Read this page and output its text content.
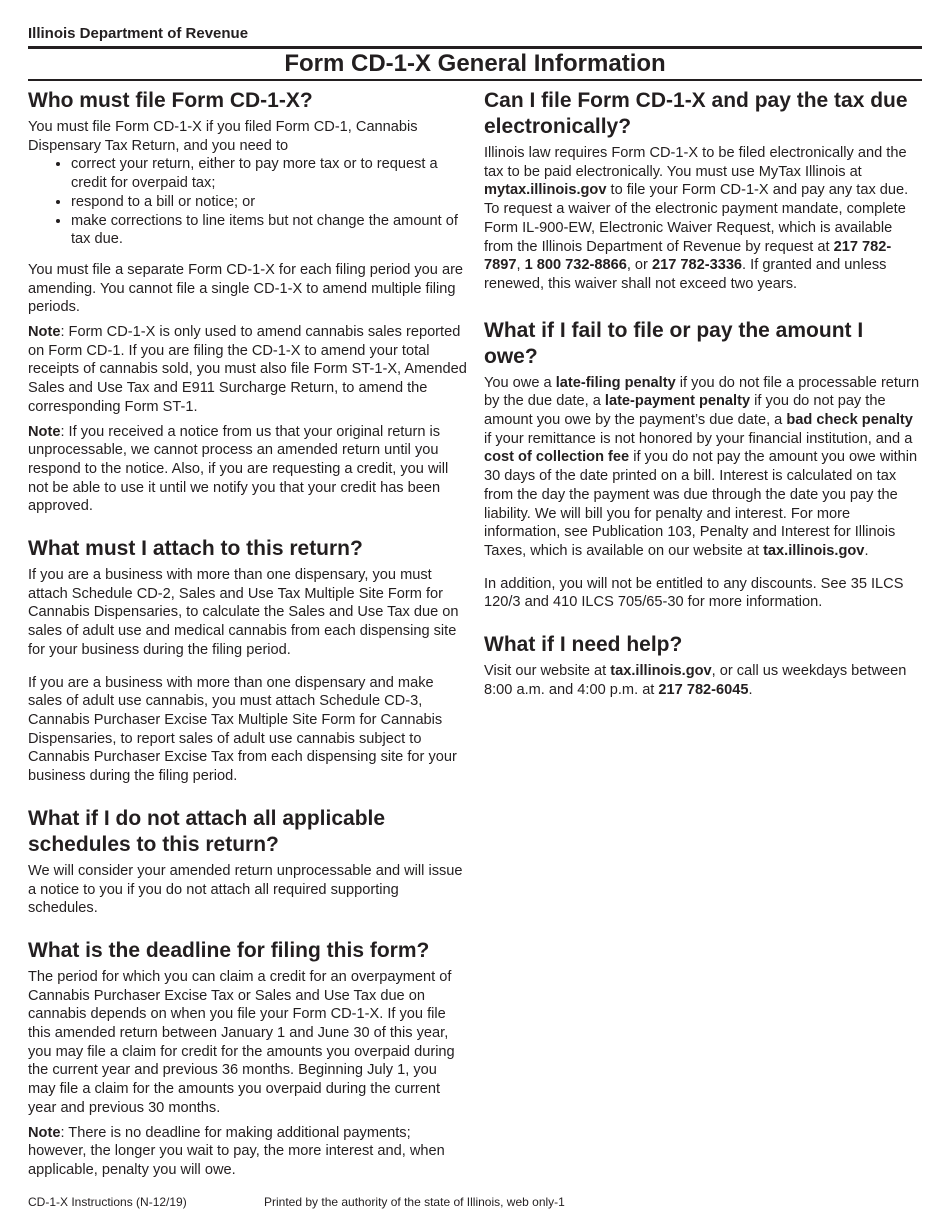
Illinois Department of Revenue
Form CD-1-X General Information
Who must file Form CD-1-X?

You must file Form CD-1-X if you filed Form CD-1, Cannabis Dispensary Tax Return, and you need to

• correct your return, either to pay more tax or to request a credit for overpaid tax;
• respond to a bill or notice; or
• make corrections to line items but not change the amount of tax due.

You must file a separate Form CD-1-X for each filing period you are amending. You cannot file a single CD-1-X to amend multiple filing periods.

Note: Form CD-1-X is only used to amend cannabis sales reported on Form CD-1. If you are filing the CD-1-X to amend your total receipts of cannabis sold, you must also file Form ST-1-X, Amended Sales and Use Tax and E911 Surcharge Return, to amend the corresponding Form ST-1.

Note: If you received a notice from us that your original return is unprocessable, we cannot process an amended return until you respond to the notice. Also, if you are requesting a credit, you will not be able to use it until we notify you that your credit has been approved.

What must I attach to this return?

If you are a business with more than one dispensary, you must attach Schedule CD-2, Sales and Use Tax Multiple Site Form for Cannabis Dispensaries, to calculate the Sales and Use Tax due on sales of adult use and medical cannabis from each dispensing site for your business during the filing period.

If you are a business with more than one dispensary and make sales of adult use cannabis, you must attach Schedule CD-3, Cannabis Purchaser Excise Tax Multiple Site Form for Cannabis Dispensaries, to report sales of adult use cannabis subject to Cannabis Purchaser Excise Tax from each dispensing site for your business during the filing period.

What if I do not attach all applicable schedules to this return?

We will consider your amended return unprocessable and will issue a notice to you if you do not attach all required supporting schedules.

What is the deadline for filing this form?

The period for which you can claim a credit for an overpayment of Cannabis Purchaser Excise Tax or Sales and Use Tax due on cannabis depends on when you file your Form CD-1-X. If you file this amended return between January 1 and June 30 of this year, you may file a claim for credit for the amounts you overpaid during the current year and previous 36 months. Beginning July 1, you may file a claim for the amounts you overpaid during the current year and previous 30 months.

Note: There is no deadline for making additional payments; however, the longer you wait to pay, the more interest and, when applicable, penalty you will owe.

Can I file Form CD-1-X and pay the tax due electronically?

Illinois law requires Form CD-1-X to be filed electronically and the tax to be paid electronically. You must use MyTax Illinois at mytax.illinois.gov to file your Form CD-1-X and pay any tax due. To request a waiver of the electronic payment mandate, complete Form IL-900-EW, Electronic Waiver Request, which is available from the Illinois Department of Revenue by request at 217 782-7897, 1 800 732-8866, or 217 782-3336. If granted and unless renewed, this waiver shall not exceed two years.

What if I fail to file or pay the amount I owe?

You owe a late-filing penalty if you do not file a processable return by the due date, a late-payment penalty if you do not pay the amount you owe by the payment’s due date, a bad check penalty if your remittance is not honored by your financial institution, and a cost of collection fee if you do not pay the amount you owe within 30 days of the date printed on a bill. Interest is calculated on tax from the day the payment was due through the date you pay the liability. We will bill you for penalty and interest. For more information, see Publication 103, Penalty and Interest for Illinois Taxes, which is available on our website at tax.illinois.gov.

In addition, you will not be entitled to any discounts. See 35 ILCS 120/3 and 410 ILCS 705/65-30 for more information.

What if I need help?

Visit our website at tax.illinois.gov, or call us weekdays between 8:00 a.m. and 4:00 p.m. at 217 782-6045.

CD-1-X Instructions (N-12/19)	Printed by the authority of the state of Illinois, web only-1
